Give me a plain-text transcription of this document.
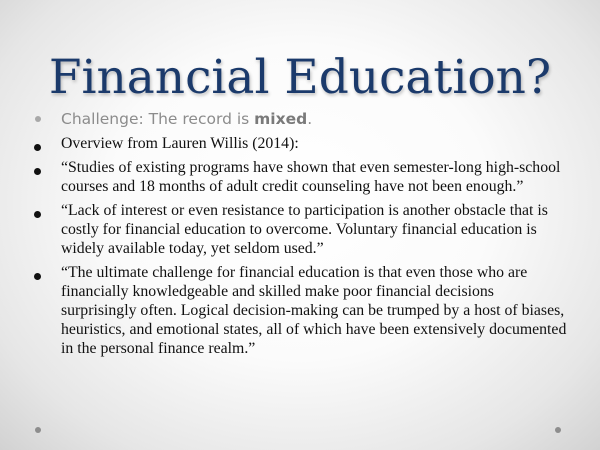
Financial Education?
Challenge: The record is mixed.
Overview from Lauren Willis (2014):
“Studies of existing programs have shown that even semester-long high-school courses and 18 months of adult credit counseling have not been enough.”
“Lack of interest or even resistance to participation is another obstacle that is costly for financial education to overcome. Voluntary financial education is widely available today, yet seldom used.”
“The ultimate challenge for financial education is that even those who are financially knowledgeable and skilled make poor financial decisions surprisingly often. Logical decision-making can be trumped by a host of biases, heuristics, and emotional states, all of which have been extensively documented in the personal finance realm.”
